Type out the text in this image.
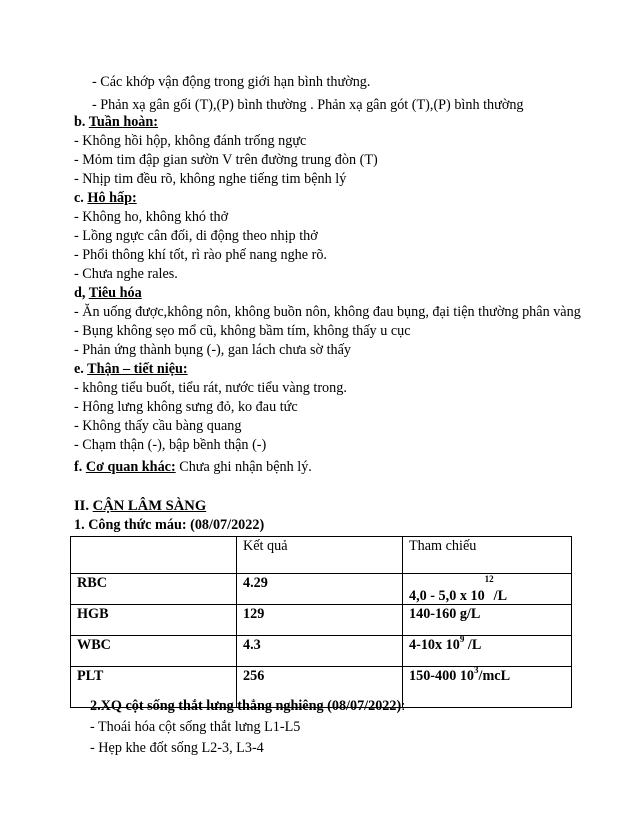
- Các khớp vận động trong giới hạn bình thường.
- Phản xạ gân gối (T),(P) bình thường . Phản xạ gân gót (T),(P) bình thường
b. Tuần hoàn:
- Không hồi hộp, không đánh trống ngực
- Mỏm tim đập gian sườn V trên đường trung đòn (T)
- Nhịp tim đều rõ, không nghe tiếng tim bệnh lý
c. Hô hấp:
- Không ho, không khó thở
- Lồng ngực cân đối, di động theo nhịp thở
- Phổi thông khí tốt, rì rào phế nang nghe rõ.
- Chưa nghe rales.
d, Tiêu hóa
- Ăn uống được,không nôn, không buồn nôn, không đau bụng, đại tiện thường phân vàng
- Bụng không sẹo mổ cũ, không bầm tím, không thấy u cục
- Phản ứng thành bụng (-), gan lách chưa sờ thấy
e. Thận – tiết niệu:
- không tiểu buốt, tiểu rát, nước tiểu vàng trong.
- Hông lưng không sưng đỏ, ko đau tức
- Không thấy cầu bàng quang
- Chạm thận (-), bập bềnh thận (-)
f. Cơ quan khác: Chưa ghi nhận bệnh lý.
II. CẬN LÂM SÀNG
1. Công thức máu: (08/07/2022)
	Kết quả	Tham chiếu
RBC	4.29	4,0 - 5,0 x 10$^{12}$/L
HGB	129	140-160 g/L
WBC	4.3	4-10x $10^9$ /L
PLT	256	150-400 $10^3$/mcL
2.XQ cột sống thắt lưng thẳng nghiêng (08/07/2022):
- Thoái hóa cột sống thắt lưng L1-L5
- Hẹp khe đốt sống L2-3, L3-4
